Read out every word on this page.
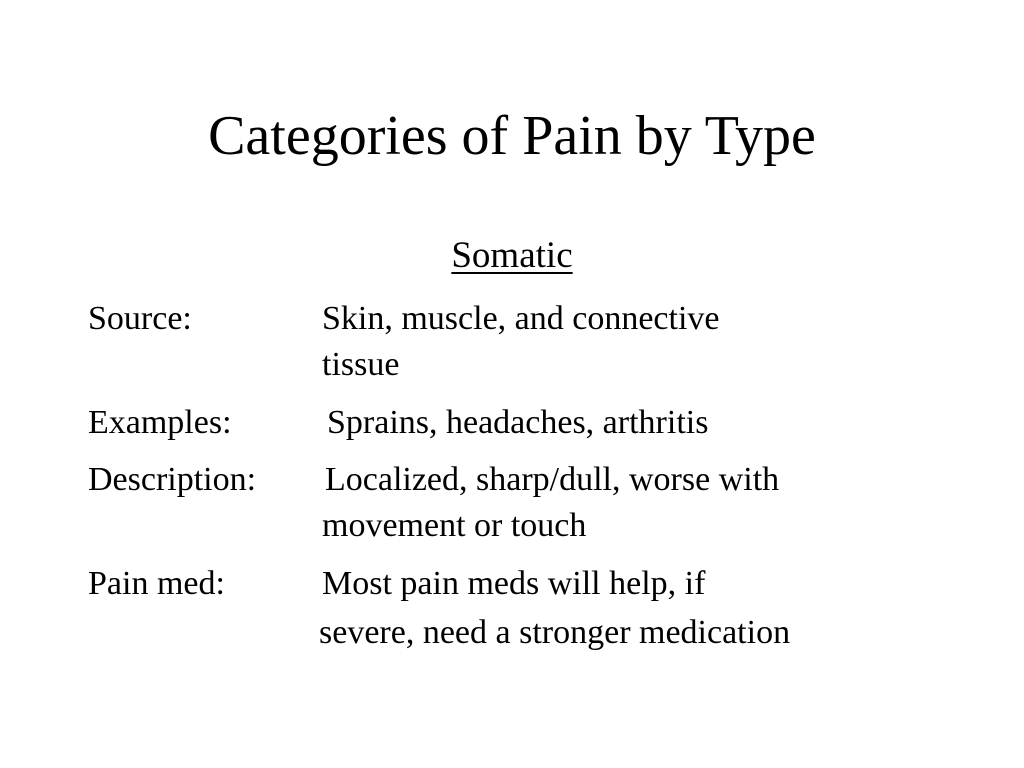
Categories of Pain by Type
Somatic
Source:	Skin, muscle, and connective
tissue
Examples:	Sprains, headaches, arthritis
Description: Localized, sharp/dull, worse with
movement or touch
Pain med:	Most pain meds will help, if
severe, need a stronger medication
